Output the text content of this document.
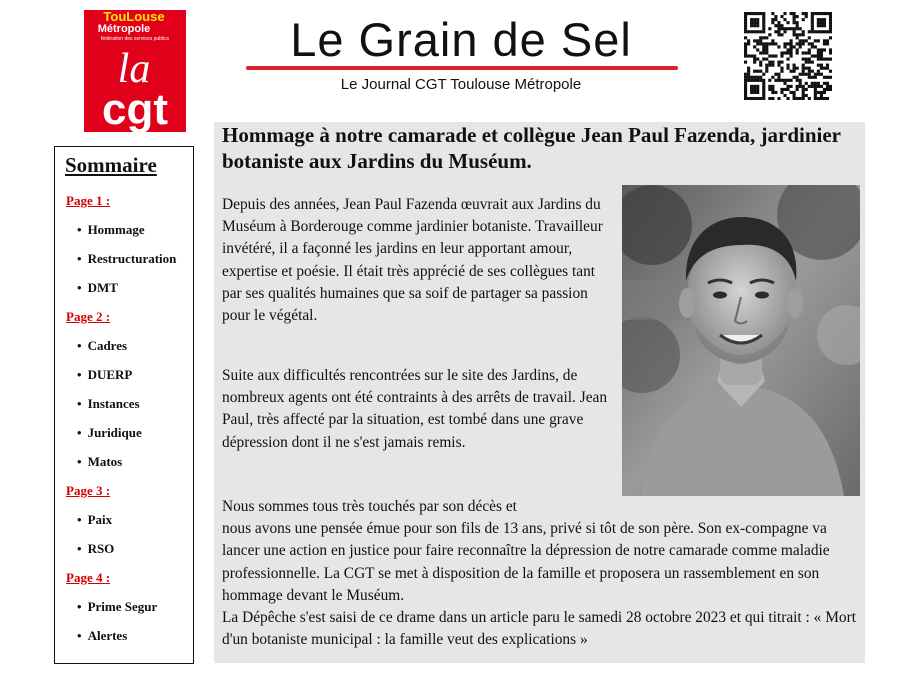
TouLouse
Métropole
fédération des services publics
la
cgt
Le Grain de Sel
Le Journal CGT Toulouse Métropole
Sommaire
Page 1 :
• Hommage
• Restructuration
• DMT
Page 2 :
• Cadres
• DUERP
• Instances
• Juridique
• Matos
Page 3 :
• Paix
• RSO
Page 4 :
• Prime Segur
• Alertes
Hommage à notre camarade et collègue Jean Paul Fazenda, jardinier botaniste aux Jardins du Muséum.

Depuis des années, Jean Paul Fazenda œuvrait aux Jardins du Muséum à Borderouge comme jardinier botaniste. Travailleur invétéré, il a façonné les jardins en leur apportant amour, expertise et poésie. Il était très apprécié de ses collègues tant par ses qualités humaines que sa soif de partager sa passion pour le végétal.

Suite aux difficultés rencontrées sur le site des Jardins, de nombreux agents ont été contraints à des arrêts de travail. Jean Paul, très affecté par la situation, est tombé dans une grave dépression dont il ne s'est jamais remis.

Nous sommes tous très touchés par son décès et
nous avons une pensée émue pour son fils de 13 ans, privé si tôt de son père. Son ex-compagne va lancer une action en justice pour faire reconnaître la dépression de notre camarade comme maladie professionnelle. La CGT se met à disposition de la famille et proposera un rassemblement en son hommage devant le Muséum.
La Dépêche s'est saisi de ce drame dans un article paru le samedi 28 octobre 2023 et qui titrait : « Mort d'un botaniste municipal : la famille veut des explications »
